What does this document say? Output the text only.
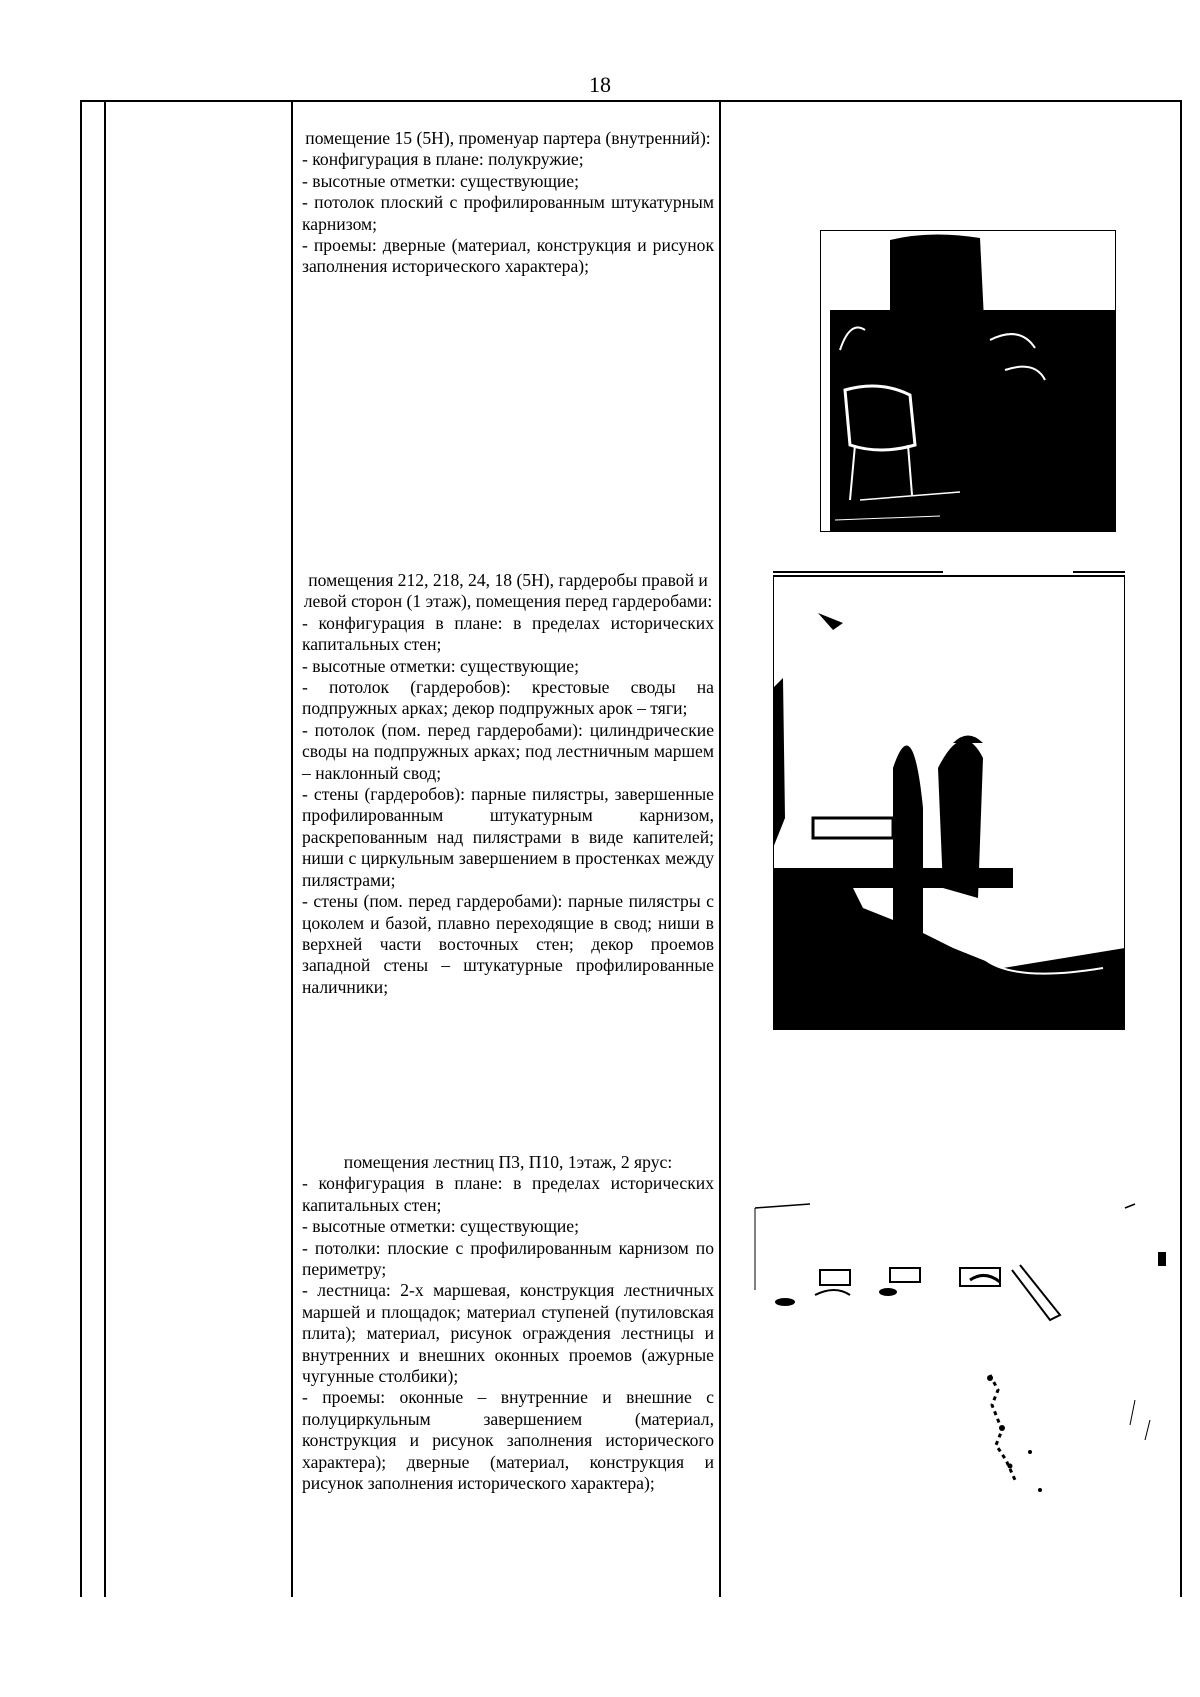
18

помещение 15 (5Н), променуар партера (внутренний):

- конфигурация в плане: полукружие;

- высотные отметки: существующие;

- потолок плоский с профилированным штукатурным карнизом;

- проемы: дверные (материал, конструкция и рисунок заполнения исторического характера);

помещения 212, 218, 24, 18 (5Н), гардеробы правой и левой сторон (1 этаж), помещения перед гардеробами:

- конфигурация в плане: в пределах исторических капитальных стен;

- высотные отметки: существующие;

- потолок (гардеробов): крестовые своды на подпружных арках; декор подпружных арок – тяги;

- потолок (пом. перед гардеробами): цилиндрические своды на подпружных арках; под лестничным маршем – наклонный свод;

- стены (гардеробов): парные пилястры, завершенные профилированным штукатурным карнизом, раскрепованным над пилястрами в виде капителей; ниши с циркульным завершением в простенках между пилястрами;

- стены (пом. перед гардеробами): парные пилястры с цоколем и базой, плавно переходящие в свод; ниши в верхней части восточных стен; декор проемов западной стены – штукатурные профилированные наличники;

помещения лестниц П3, П10, 1этаж, 2 ярус:

- конфигурация в плане: в пределах исторических капитальных стен;

- высотные отметки: существующие;

- потолки: плоские с профилированным карнизом по периметру;

- лестница: 2-х маршевая, конструкция лестничных маршей и площадок; материал ступеней (путиловская плита); материал, рисунок ограждения лестницы и внутренних и внешних оконных проемов (ажурные чугунные столбики);

- проемы: оконные – внутренние и внешние с полуциркульным завершением (материал, конструкция и рисунок заполнения исторического характера); дверные (материал, конструкция и рисунок заполнения исторического характера);
